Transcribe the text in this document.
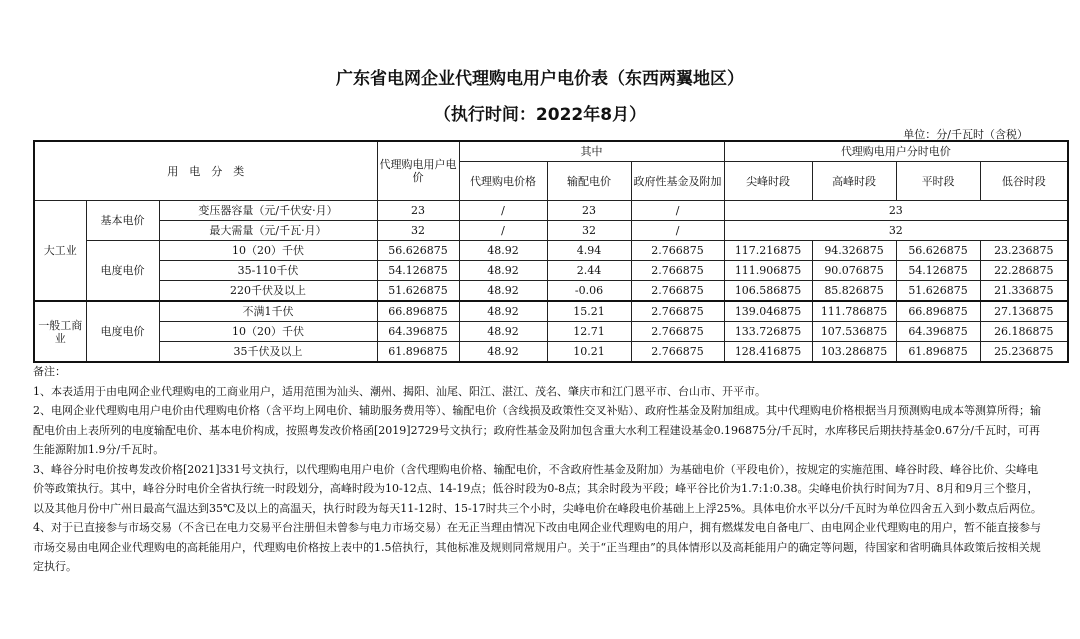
广东省电网企业代理购电用户电价表（东西两翼地区）
（执行时间：2022年8月）
单位：分/千瓦时（含税）
用　电　分　类			代理购电用户电价	其中			代理购电用户分时电价			
				代理购电价格	输配电价	政府性基金及附加	尖峰时段	高峰时段	平时段	低谷时段
大工业	基本电价	变压器容量（元/千伏安·月）	23	/	23	/	23			
		最大需量（元/千瓦·月）	32	/	32	/	32			
	电度电价	10（20）千伏	56.626875	48.92	4.94	2.766875	117.216875	94.326875	56.626875	23.236875
		35-110千伏	54.126875	48.92	2.44	2.766875	111.906875	90.076875	54.126875	22.286875
		220千伏及以上	51.626875	48.92	-0.06	2.766875	106.586875	85.826875	51.626875	21.336875
一般工商业	电度电价	不满1千伏	66.896875	48.92	15.21	2.766875	139.046875	111.786875	66.896875	27.136875
		10（20）千伏	64.396875	48.92	12.71	2.766875	133.726875	107.536875	64.396875	26.186875
		35千伏及以上	61.896875	48.92	10.21	2.766875	128.416875	103.286875	61.896875	25.236875

备注：

1、本表适用于由电网企业代理购电的工商业用户，适用范围为汕头、潮州、揭阳、汕尾、阳江、湛江、茂名、肇庆市和江门恩平市、台山市、开平市。

2、电网企业代理购电用户电价由代理购电价格（含平均上网电价、辅助服务费用等）、输配电价（含线损及政策性交叉补贴）、政府性基金及附加组成。其中代理购电价格根据当月预测购电成本等测算所得；输配电价由上表所列的电度输配电价、基本电价构成，按照粤发改价格函[2019]2729号文执行；政府性基金及附加包含重大水利工程建设基金0.196875分/千瓦时，水库移民后期扶持基金0.67分/千瓦时，可再生能源附加1.9分/千瓦时。

3、峰谷分时电价按粤发改价格[2021]331号文执行，以代理购电用户电价（含代理购电价格、输配电价，不含政府性基金及附加）为基础电价（平段电价），按规定的实施范围、峰谷时段、峰谷比价、尖峰电价等政策执行。其中，峰谷分时电价全省执行统一时段划分，高峰时段为10-12点、14-19点；低谷时段为0-8点；其余时段为平段；峰平谷比价为1.7:1:0.38。尖峰电价执行时间为7月、8月和9月三个整月，以及其他月份中广州日最高气温达到35℃及以上的高温天，执行时段为每天11-12时、15-17时共三个小时，尖峰电价在峰段电价基础上上浮25%。具体电价水平以分/千瓦时为单位四舍五入到小数点后两位。

4、对于已直接参与市场交易（不含已在电力交易平台注册但未曾参与电力市场交易）在无正当理由情况下改由电网企业代理购电的用户，拥有燃煤发电自备电厂、由电网企业代理购电的用户，暂不能直接参与市场交易由电网企业代理购电的高耗能用户，代理购电价格按上表中的1.5倍执行，其他标准及规则同常规用户。关于“正当理由”的具体情形以及高耗能用户的确定等问题，待国家和省明确具体政策后按相关规定执行。
